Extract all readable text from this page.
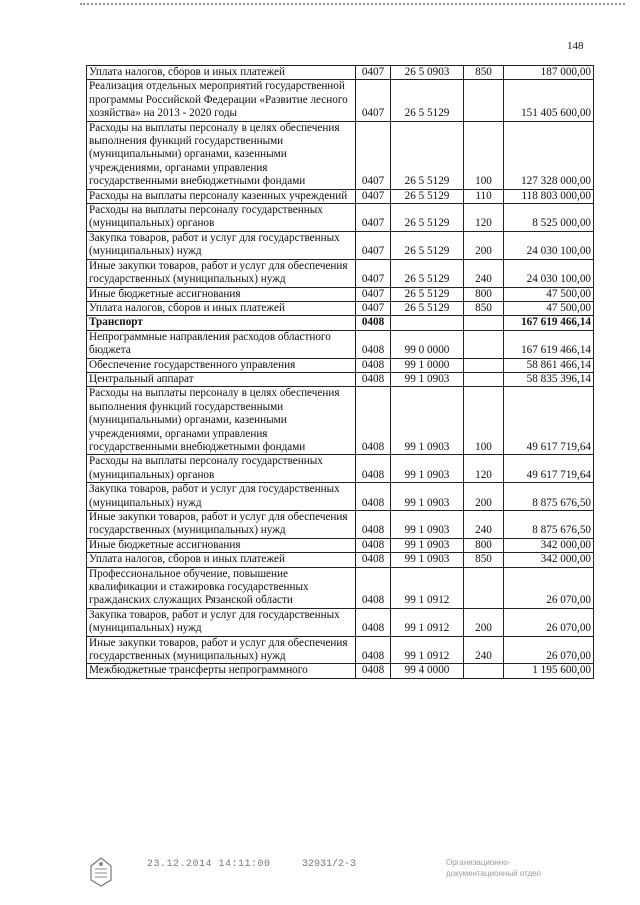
148
Уплата налогов, сборов и иных платежей	0407	26 5 0903	850	187 000,00
Реализация отдельных мероприятий государственной программы Российской Федерации «Развитие лесного хозяйства» на 2013 - 2020 годы	0407	26 5 5129		151 405 600,00
Расходы на выплаты персоналу в целях обеспечения выполнения функций государственными (муниципальными) органами, казенными учреждениями, органами управления государственными внебюджетными фондами	0407	26 5 5129	100	127 328 000,00
Расходы на выплаты персоналу казенных учреждений	0407	26 5 5129	110	118 803 000,00
Расходы на выплаты персоналу государственных (муниципальных) органов	0407	26 5 5129	120	8 525 000,00
Закупка товаров, работ и услуг для государственных (муниципальных) нужд	0407	26 5 5129	200	24 030 100,00
Иные закупки товаров, работ и услуг для обеспечения государственных (муниципальных) нужд	0407	26 5 5129	240	24 030 100,00
Иные бюджетные ассигнования	0407	26 5 5129	800	47 500,00
Уплата налогов, сборов и иных платежей	0407	26 5 5129	850	47 500,00
Транспорт	0408			167 619 466,14
Непрограммные направления расходов областного бюджета	0408	99 0 0000		167 619 466,14
Обеспечение государственного управления	0408	99 1 0000		58 861 466,14
Центральный аппарат	0408	99 1 0903		58 835 396,14
Расходы на выплаты персоналу в целях обеспечения выполнения функций государственными (муниципальными) органами, казенными учреждениями, органами управления государственными внебюджетными фондами	0408	99 1 0903	100	49 617 719,64
Расходы на выплаты персоналу государственных (муниципальных) органов	0408	99 1 0903	120	49 617 719,64
Закупка товаров, работ и услуг для государственных (муниципальных) нужд	0408	99 1 0903	200	8 875 676,50
Иные закупки товаров, работ и услуг для обеспечения государственных (муниципальных) нужд	0408	99 1 0903	240	8 875 676,50
Иные бюджетные ассигнования	0408	99 1 0903	800	342 000,00
Уплата налогов, сборов и иных платежей	0408	99 1 0903	850	342 000,00
Профессиональное обучение, повышение квалификации и стажировка государственных гражданских служащих Рязанской области	0408	99 1 0912		26 070,00
Закупка товаров, работ и услуг для государственных (муниципальных) нужд	0408	99 1 0912	200	26 070,00
Иные закупки товаров, работ и услуг для обеспечения государственных (муниципальных) нужд	0408	99 1 0912	240	26 070,00
Межбюджетные трансферты непрограммного	0408	99 4 0000		1 195 600,00
23.12.2014 14:11:00	32931/2-3	Организационно-
документационный отдел
